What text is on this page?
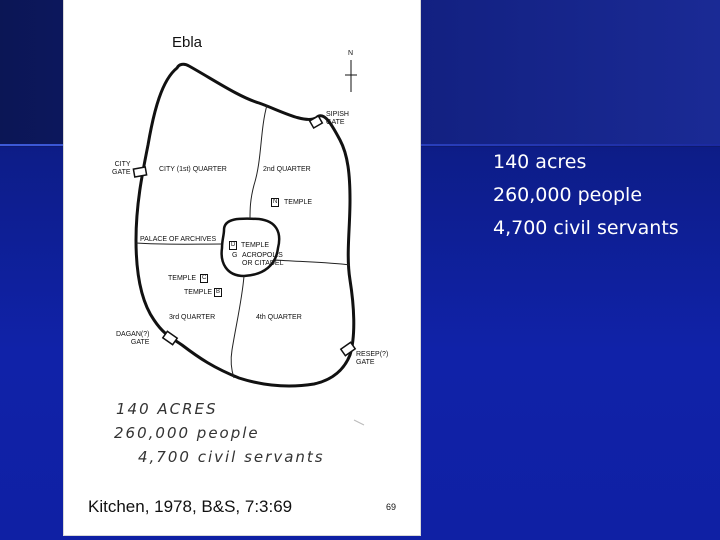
Ebla
N
SIPISH
GATE
CITY
GATE	CITY (1st) QUARTER	2nd QUARTER
N TEMPLE
PALACE OF ARCHIVES
D TEMPLE
G ACROPOLIS
OR CITADEL
TEMPLE C
TEMPLE B
3rd QUARTER	4th QUARTER
DAGAN(?)
GATE
RESEP(?)
GATE
140 ACRES
260,000 people
4,700 civil servants
Kitchen, 1978, B&S, 7:3:69	69
140 acres
260,000 people
4,700 civil servants
